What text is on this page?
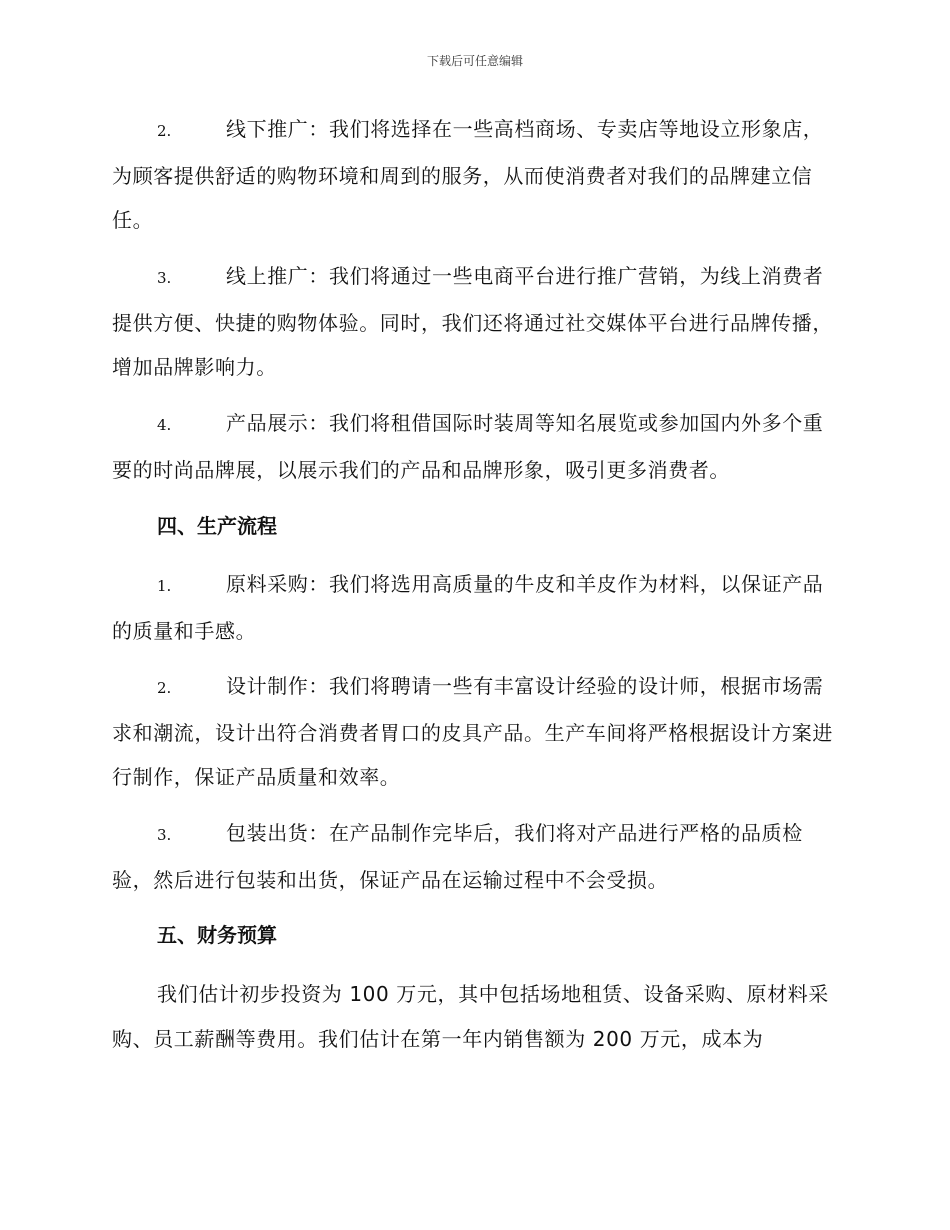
下载后可任意编辑
2.	线下推广：我们将选择在一些高档商场、专卖店等地设立形象店，为顾客提供舒适的购物环境和周到的服务，从而使消费者对我们的品牌建立信任。
3.	线上推广：我们将通过一些电商平台进行推广营销，为线上消费者提供方便、快捷的购物体验。同时，我们还将通过社交媒体平台进行品牌传播，增加品牌影响力。
4.	产品展示：我们将租借国际时装周等知名展览或参加国内外多个重要的时尚品牌展，以展示我们的产品和品牌形象，吸引更多消费者。
四、生产流程
1.	原料采购：我们将选用高质量的牛皮和羊皮作为材料，以保证产品的质量和手感。
2.	设计制作：我们将聘请一些有丰富设计经验的设计师，根据市场需求和潮流，设计出符合消费者胃口的皮具产品。生产车间将严格根据设计方案进行制作，保证产品质量和效率。
3.	包装出货：在产品制作完毕后，我们将对产品进行严格的品质检验，然后进行包装和出货，保证产品在运输过程中不会受损。
五、财务预算
我们估计初步投资为 100 万元，其中包括场地租赁、设备采购、原材料采购、员工薪酬等费用。我们估计在第一年内销售额为 200 万元，成本为
